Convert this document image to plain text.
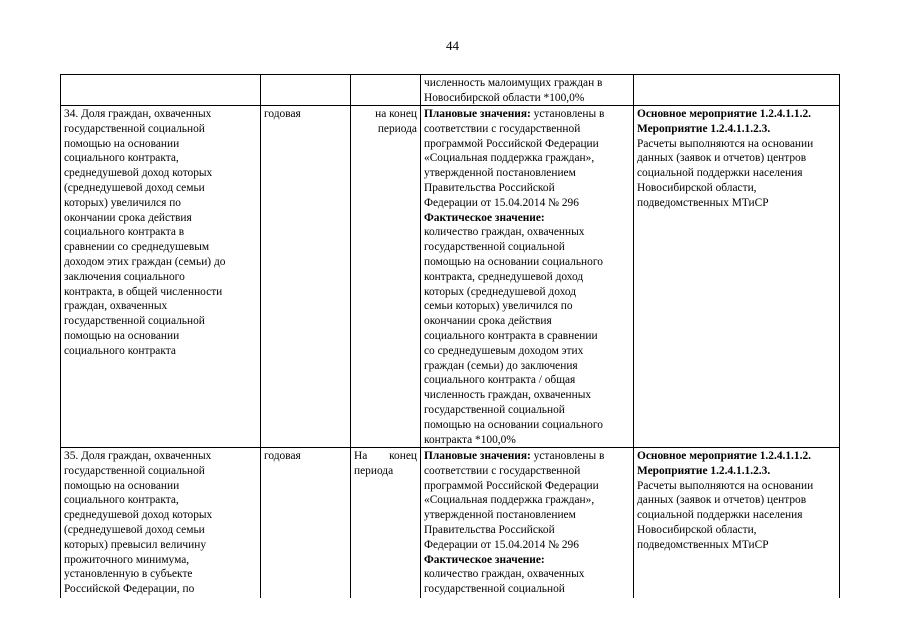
44
численность малоимущих граждан в
Новосибирской области *100,0%
34. Доля граждан, охваченных
государственной социальной
помощью на основании
социального контракта,
среднедушевой доход которых
(среднедушевой доход семьи
которых) увеличился по
окончании срока действия
социального контракта в
сравнении со среднедушевым
доходом этих граждан (семьи) до
заключения социального
контракта, в общей численности
граждан, охваченных
государственной социальной
помощью на основании
социального контракта
годовая	на конец
периода
Плановые значения: установлены в
соответствии с государственной
программой Российской Федерации
«Социальная поддержка граждан»,
утвержденной постановлением
Правительства Российской
Федерации от 15.04.2014 № 296
Фактическое значение:
количество граждан, охваченных
государственной социальной
помощью на основании социального
контракта, среднедушевой доход
которых (среднедушевой доход
семьи которых) увеличился по
окончании срока действия
социального контракта в сравнении
со среднедушевым доходом этих
граждан (семьи) до заключения
социального контракта / общая
численность граждан, охваченных
государственной социальной
помощью на основании социального
контракта *100,0%
Основное мероприятие 1.2.4.1.1.2.
Мероприятие 1.2.4.1.1.2.3.
Расчеты выполняются на основании
данных (заявок и отчетов) центров
социальной поддержки населения
Новосибирской области,
подведомственных МТиСР
35. Доля граждан, охваченных
государственной социальной
помощью на основании
социального контракта,
среднедушевой доход которых
(среднедушевой доход семьи
которых) превысил величину
прожиточного минимума,
установленную в субъекте
Российской Федерации, по
годовая	На конец
периода
Плановые значения: установлены в
соответствии с государственной
программой Российской Федерации
«Социальная поддержка граждан»,
утвержденной постановлением
Правительства Российской
Федерации от 15.04.2014 № 296
Фактическое значение:
количество граждан, охваченных
государственной социальной
Основное мероприятие 1.2.4.1.1.2.
Мероприятие 1.2.4.1.1.2.3.
Расчеты выполняются на основании
данных (заявок и отчетов) центров
социальной поддержки населения
Новосибирской области,
подведомственных МТиСР
